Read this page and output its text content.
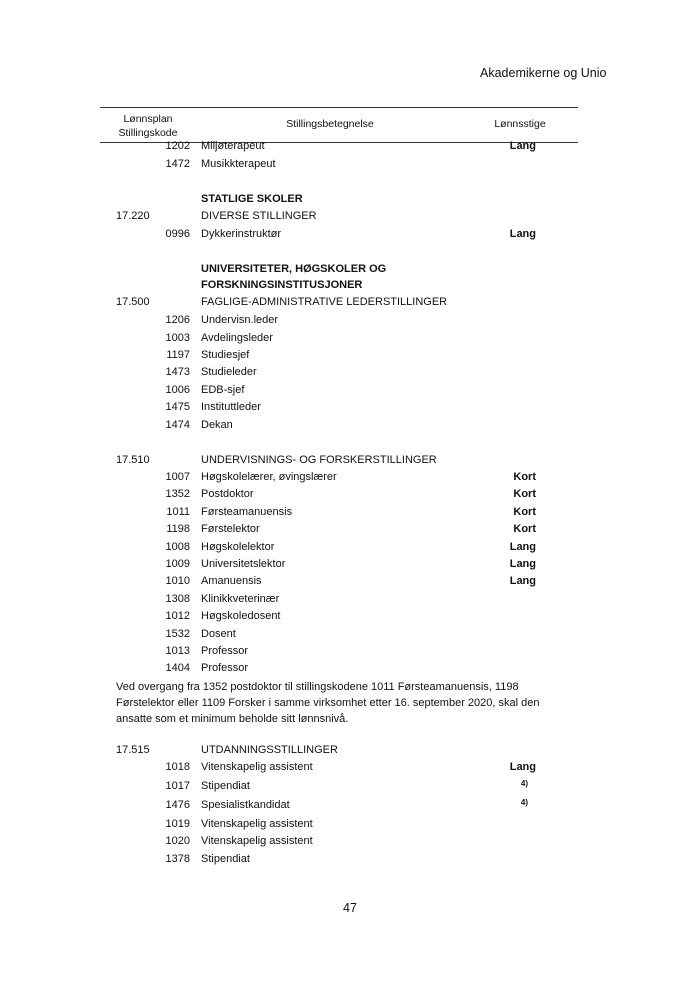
Akademikerne og Unio
Lønnsplan
Stillingskode
Stillingsbetegnelse	Lønnsstige
1202 Miljøterapeut	Lang
1472 Musikkterapeut
STATLIGE SKOLER
17.220	DIVERSE STILLINGER
0996 Dykkerinstruktør	Lang
UNIVERSITETER, HØGSKOLER OG
FORSKNINGSINSTITUSJONER
17.500	FAGLIGE-ADMINISTRATIVE LEDERSTILLINGER
1206 Undervisn.leder
1003 Avdelingsleder
1197 Studiesjef
1473 Studieleder
1006 EDB-sjef
1475 Instituttleder
1474 Dekan
17.510	UNDERVISNINGS- OG FORSKERSTILLINGER
1007 Høgskolelærer, øvingslærer	Kort
1352 Postdoktor	Kort
1011 Førsteamanuensis	Kort
1198 Førstelektor	Kort
1008 Høgskolelektor	Lang
1009 Universitetslektor	Lang
1010 Amanuensis	Lang
1308 Klinikkveterinær
1012 Høgskoledosent
1532 Dosent
1013 Professor
1404 Professor
Ved overgang fra 1352 postdoktor til stillingskodene 1011 Førsteamanuensis, 1198
Førstelektor eller 1109 Forsker i samme virksomhet etter 16. september 2020, skal den
ansatte som et minimum beholde sitt lønnsnivå.
17.515	UTDANNINGSSTILLINGER
1018 Vitenskapelig assistent	Lang
1017 Stipendiat	4)
1476 Spesialistkandidat	4)
1019 Vitenskapelig assistent
1020 Vitenskapelig assistent
1378 Stipendiat
47
